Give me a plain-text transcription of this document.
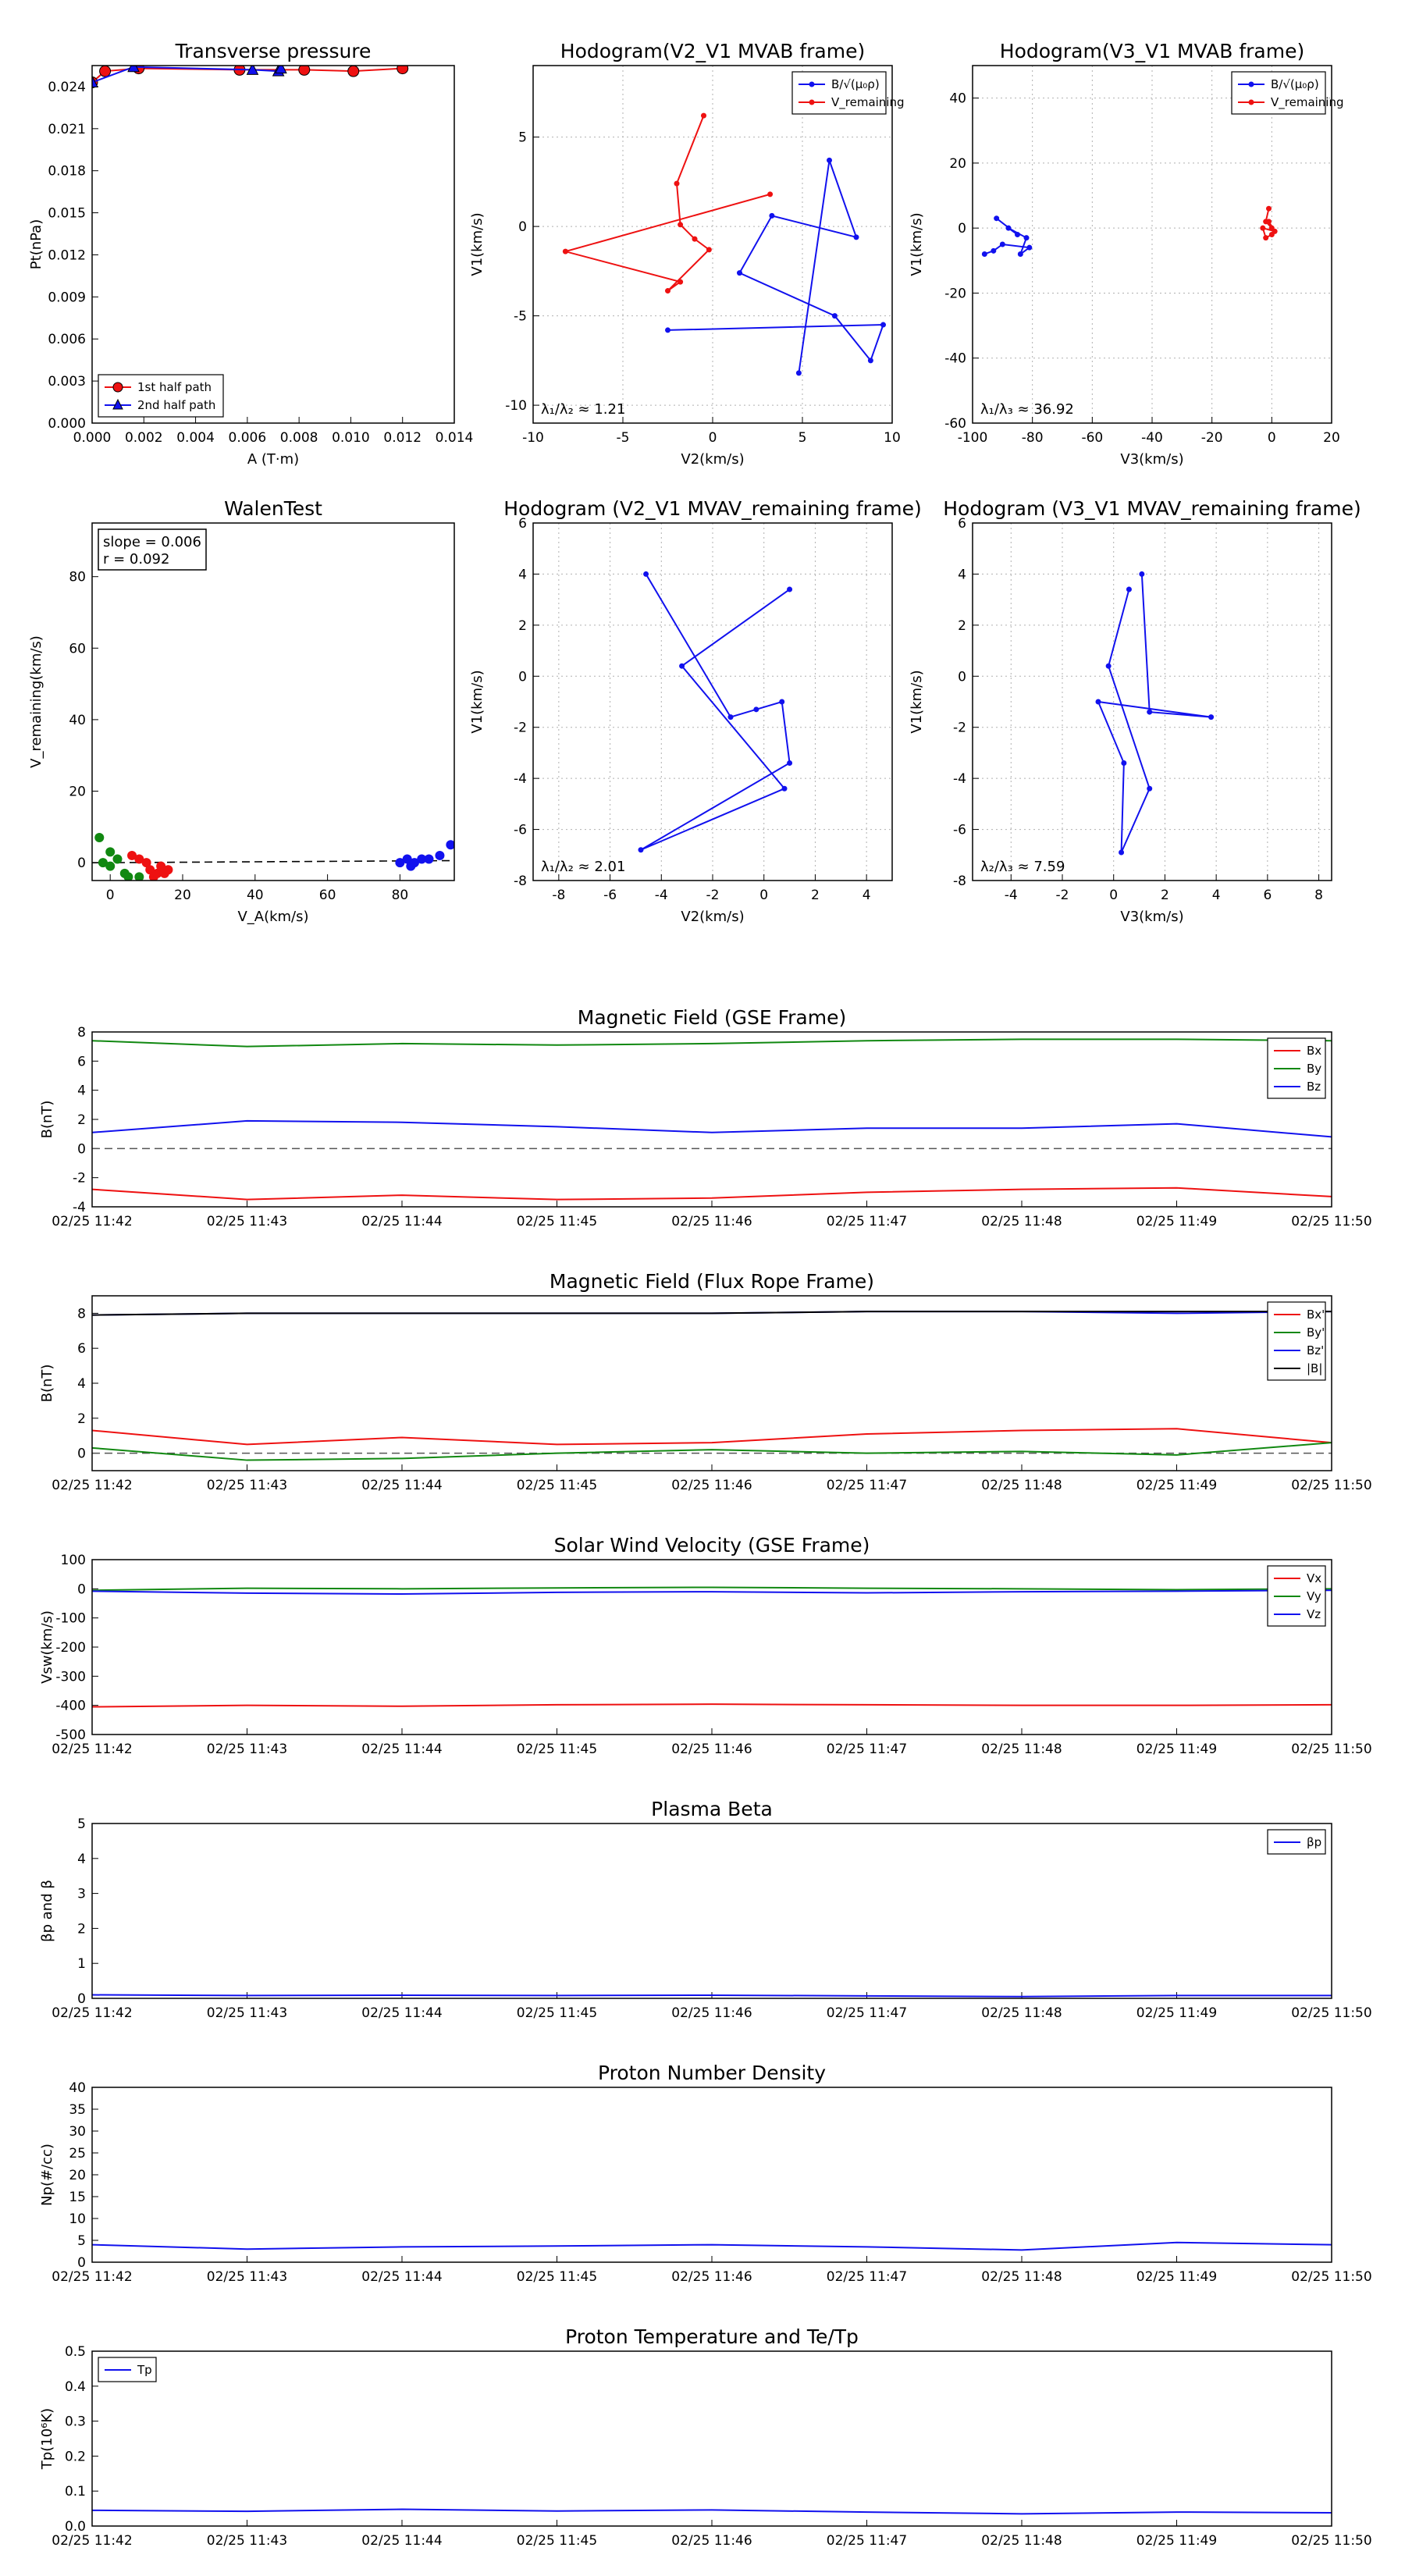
0.000 0.002 0.004 0.006 0.008 0.010 0.012 0.014
0.000
0.003
0.006
0.009
0.012
0.015
0.018
0.021
0.024
Transverse pressure
A (T·m)
Pt(nPa)
1st half path
2nd half path
-10	-5	0	5	10
-10
-5
0
5
Hodogram(V2_V1 MVAB frame)
V2(km/s)
V1(km/s)
λ₁/λ₂ ≈ 1.21
B/√(μ₀ρ)
V_remaining
-100	-80	-60	-40	-20	0	20
-60
-40
-20
0
20
40
Hodogram(V3_V1 MVAB frame)
V3(km/s)
V1(km/s)
λ₁/λ₃ ≈ 36.92
B/√(μ₀ρ)
V_remaining
0	20	40	60	80
0
20
40
60
80
WalenTest
V_A(km/s)
V_remaining(km/s)
slope = 0.006
r = 0.092
-8	-6	-4	-2	0	2	4
-8
-6
-4
-2
0
2
4
6
Hodogram (V2_V1 MVAV_remaining frame)
V2(km/s)
V1(km/s)
λ₁/λ₂ ≈ 2.01
-4	-2	0	2	4	6	8
-8
-6
-4
-2
0
2
4
6
Hodogram (V3_V1 MVAV_remaining frame)
V3(km/s)
V1(km/s)
λ₂/λ₃ ≈ 7.59
02/25 11:42	02/25 11:43	02/25 11:44	02/25 11:45	02/25 11:46	02/25 11:47	02/25 11:48	02/25 11:49	02/25 11:50
-4
-2
0
2
4
6
8
Magnetic Field (GSE Frame)
B(nT)
Bx
By
Bz
02/25 11:42	02/25 11:43	02/25 11:44	02/25 11:45	02/25 11:46	02/25 11:47	02/25 11:48	02/25 11:49	02/25 11:50
0
2
4
6
8
Magnetic Field (Flux Rope Frame)
B(nT)
Bx'
By'
Bz'
|B|
02/25 11:42	02/25 11:43	02/25 11:44	02/25 11:45	02/25 11:46	02/25 11:47	02/25 11:48	02/25 11:49	02/25 11:50
-500
-400
-300
-200
-100
0
100
Solar Wind Velocity (GSE Frame)
Vsw(km/s)
Vx
Vy
Vz
02/25 11:42	02/25 11:43	02/25 11:44	02/25 11:45	02/25 11:46	02/25 11:47	02/25 11:48	02/25 11:49	02/25 11:50
0
1
2
3
4
5
Plasma Beta
βp and β
βp
02/25 11:42	02/25 11:43	02/25 11:44	02/25 11:45	02/25 11:46	02/25 11:47	02/25 11:48	02/25 11:49	02/25 11:50
0
5
10
15
20
25
30
35
40
Proton Number Density
Np(#/cc)
02/25 11:42	02/25 11:43	02/25 11:44	02/25 11:45	02/25 11:46	02/25 11:47	02/25 11:48	02/25 11:49	02/25 11:50
0.0
0.1
0.2
0.3
0.4
0.5
Proton Temperature and Te/Tp
Tp(10⁶K)
Tp
